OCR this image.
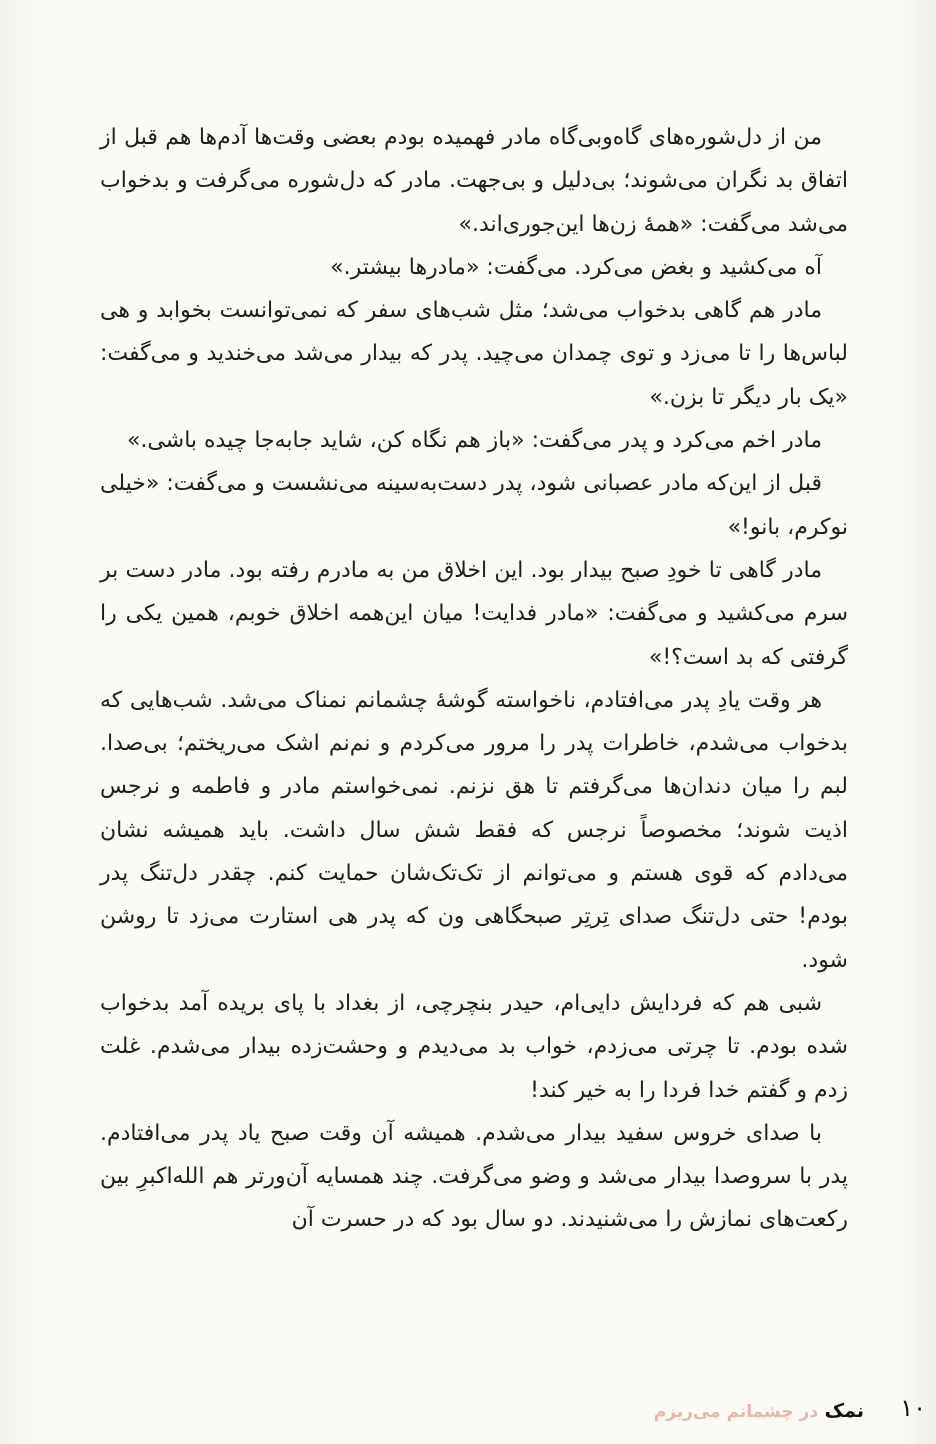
من از دل‌شوره‌های گاه‌وبی‌گاه مادر فهمیده بودم بعضی وقت‌ها آدم‌ها هم قبل از اتفاق بد نگران می‌شوند؛ بی‌دلیل و بی‌جهت. مادر که دل‌شوره می‌گرفت و بدخواب می‌شد می‌گفت: «همهٔ زن‌ها این‌جوری‌اند.»

آه می‌کشید و بغض می‌کرد. می‌گفت: «مادرها بیشتر.»

مادر هم گاهی بدخواب می‌شد؛ مثل شب‌های سفر که نمی‌توانست بخوابد و هی لباس‌ها را تا می‌زد و توی چمدان می‌چید. پدر که بیدار می‌شد می‌خندید و می‌گفت: «یک بار دیگر تا بزن.»

مادر اخم می‌کرد و پدر می‌گفت: «باز هم نگاه کن، شاید جابه‌جا چیده باشی.»

قبل از این‌که مادر عصبانی شود، پدر دست‌به‌سینه می‌نشست و می‌گفت: «خیلی نوکرم، بانو!»

مادر گاهی تا خودِ صبح بیدار بود. این اخلاق من به مادرم رفته بود. مادر دست بر سرم می‌کشید و می‌گفت: «مادر فدایت! میان این‌همه اخلاق خوبم، همین یکی را گرفتی که بد است؟!»

هر وقت یادِ پدر می‌افتادم، ناخواسته گوشهٔ چشمانم نمناک می‌شد. شب‌هایی که بدخواب می‌شدم، خاطرات پدر را مرور می‌کردم و نم‌نم اشک می‌ریختم؛ بی‌صدا. لبم را میان دندان‌ها می‌گرفتم تا هق نزنم. نمی‌خواستم مادر و فاطمه و نرجس اذیت شوند؛ مخصوصاً نرجس که فقط شش سال داشت. باید همیشه نشان می‌دادم که قوی هستم و می‌توانم از تک‌تک‌شان حمایت کنم. چقدر دل‌تنگ پدر بودم! حتی دل‌تنگ صدای تِرتِر صبحگاهی ون که پدر هی استارت می‌زد تا روشن شود.

شبی هم که فردایش دایی‌ام، حیدر بنچرچی، از بغداد با پای بریده آمد بدخواب شده بودم. تا چرتی می‌زدم، خواب بد می‌دیدم و وحشت‌زده بیدار می‌شدم. غلت زدم و گفتم خدا فردا را به خیر کند!

با صدای خروس سفید بیدار می‌شدم. همیشه آن وقت صبح یاد پدر می‌افتادم. پدر با سروصدا بیدار می‌شد و وضو می‌گرفت. چند همسایه آن‌ورتر هم الله‌اکبرِ بین رکعت‌های نمازش را می‌شنیدند. دو سال بود که در حسرت آن

نمک در چشمانم می‌ریزم	۱۰
